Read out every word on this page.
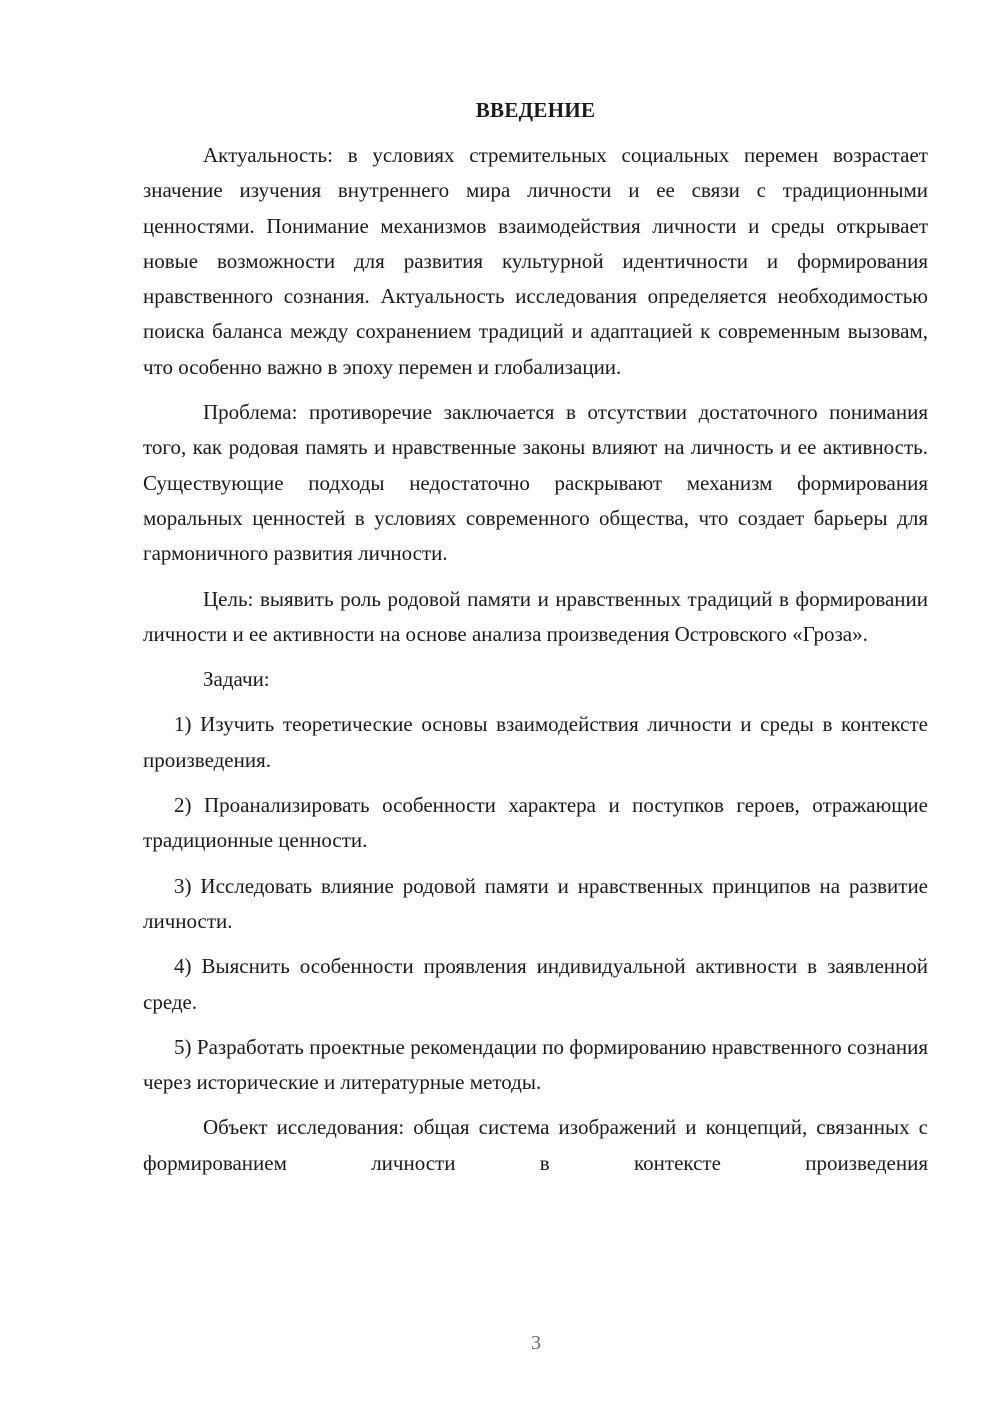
ВВЕДЕНИЕ

Актуальность: в условиях стремительных социальных перемен возрастает значение изучения внутреннего мира личности и ее связи с традиционными ценностями. Понимание механизмов взаимодействия личности и среды открывает новые возможности для развития культурной идентичности и формирования нравственного сознания. Актуальность исследования определяется необходимостью поиска баланса между сохранением традиций и адаптацией к современным вызовам, что особенно важно в эпоху перемен и глобализации.

Проблема: противоречие заключается в отсутствии достаточного понимания того, как родовая память и нравственные законы влияют на личность и ее активность. Существующие подходы недостаточно раскрывают механизм формирования моральных ценностей в условиях современного общества, что создает барьеры для гармоничного развития личности.

Цель: выявить роль родовой памяти и нравственных традиций в формировании личности и ее активности на основе анализа произведения Островского «Гроза».

Задачи:

1) Изучить теоретические основы взаимодействия личности и среды в контексте произведения.

2) Проанализировать особенности характера и поступков героев, отражающие традиционные ценности.

3) Исследовать влияние родовой памяти и нравственных принципов на развитие личности.

4) Выяснить особенности проявления индивидуальной активности в заявленной среде.

5) Разработать проектные рекомендации по формированию нравственного сознания через исторические и литературные методы.

Объект исследования: общая система изображений и концепций, связанных с формированием личности в контексте произведения

3
